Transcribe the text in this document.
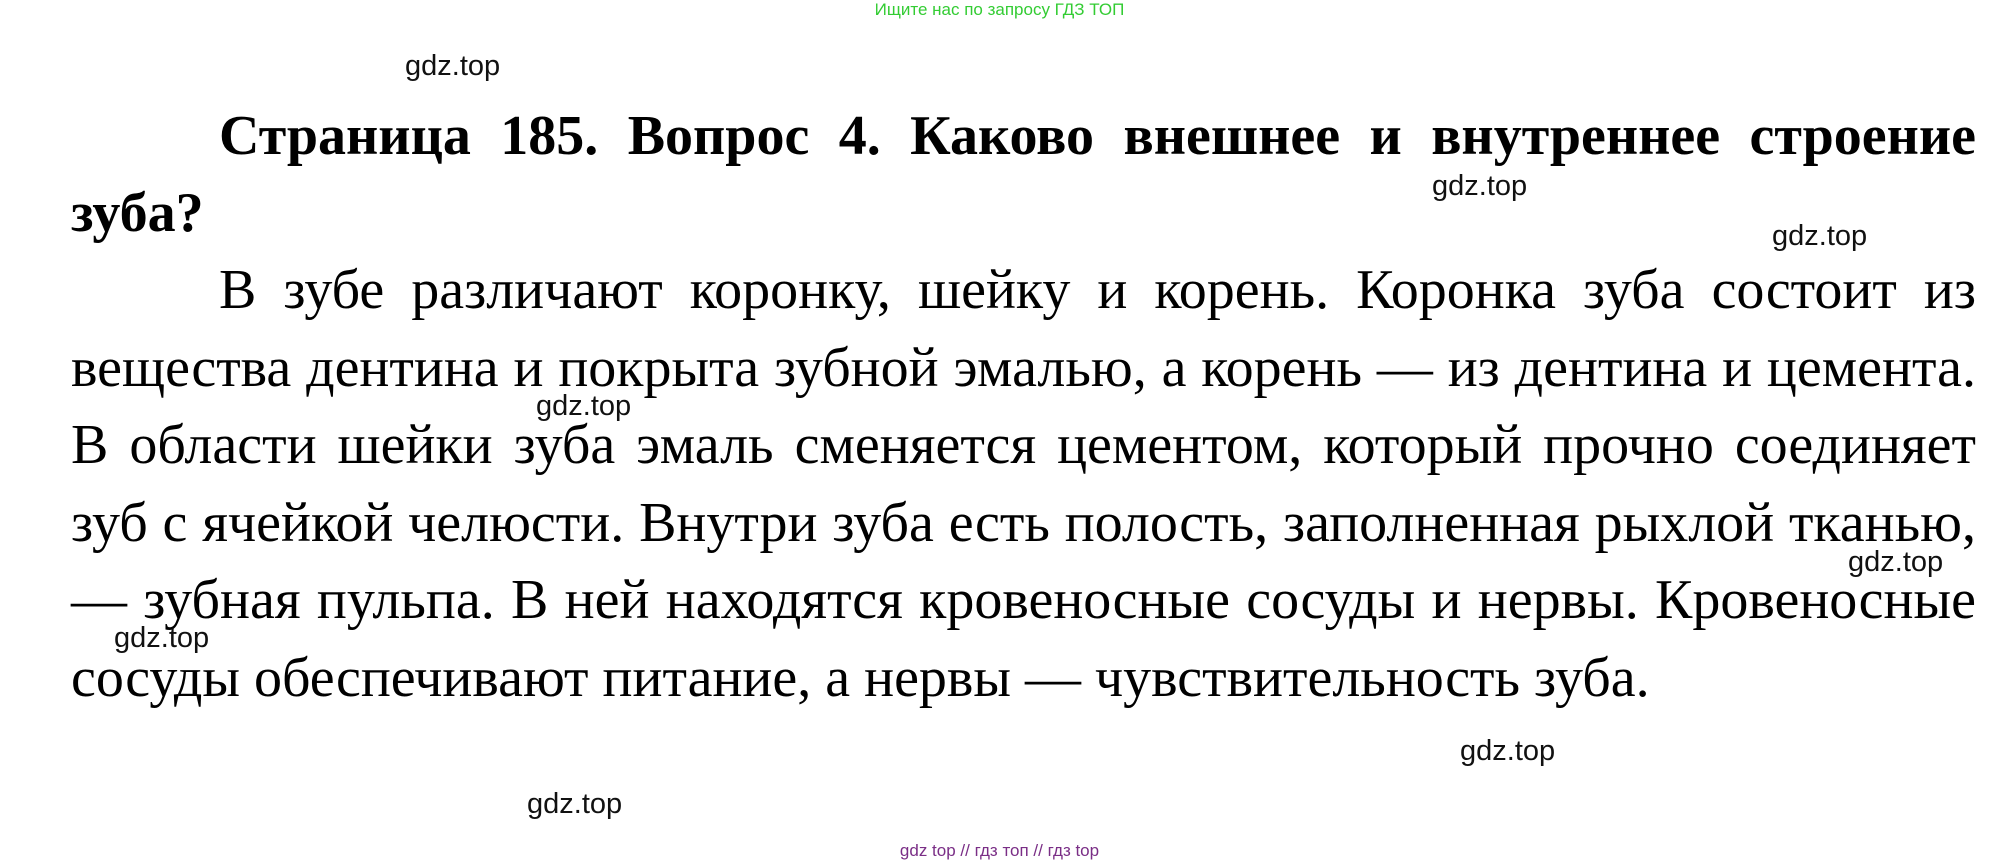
Ищите нас по запросу ГДЗ ТОП

Страница 185. Вопрос 4. Каково внешнее и внутреннее строение зуба?

В зубе различают коронку, шейку и корень. Коронка зуба состоит из вещества дентина и покрыта зубной эмалью, а корень — из дентина и цемента. В области шейки зуба эмаль сменяется цементом, который прочно соединяет зуб с ячейкой челюсти. Внутри зуба есть полость, заполненная рыхлой тканью, — зубная пульпа. В ней находятся кровеносные сосуды и нервы. Кровеносные сосуды обеспечивают питание, а нервы — чувствительность зуба.

gdz.top
gdz.top
gdz.top
gdz.top
gdz.top
gdz.top
gdz.top
gdz.top
gdz top // гдз топ // гдз top
